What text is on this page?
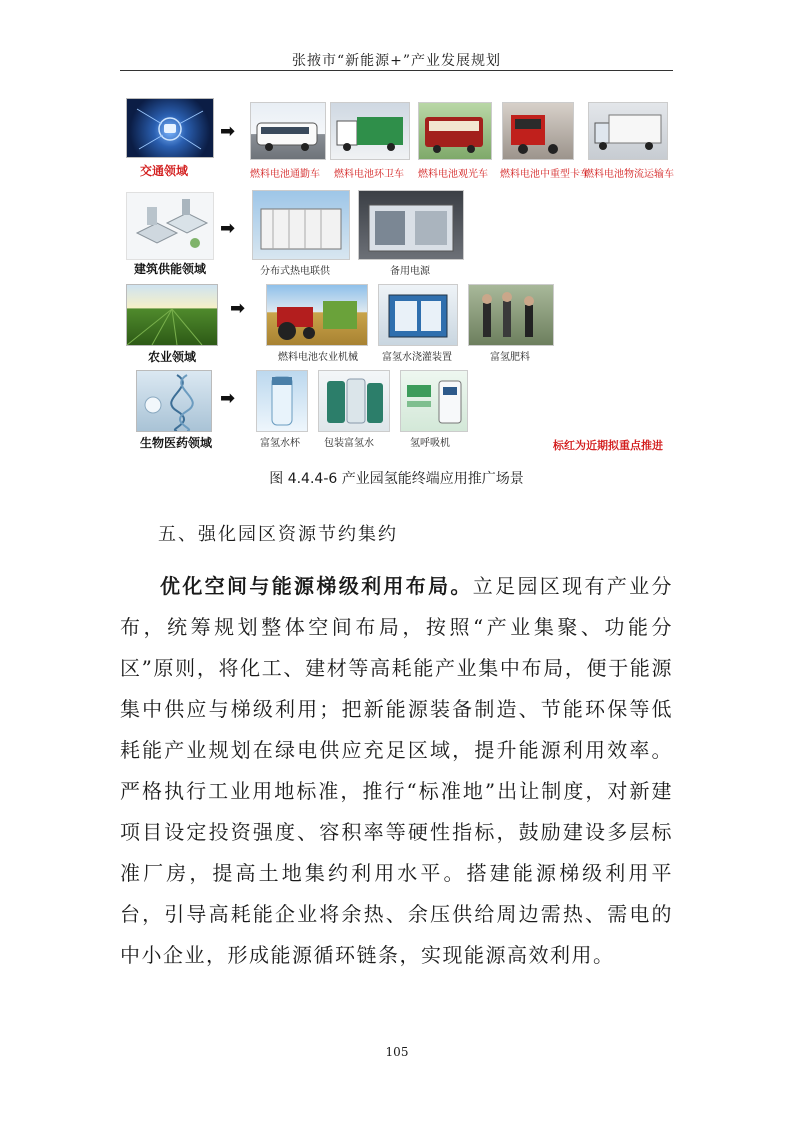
张掖市“新能源+”产业发展规划
交通领域
➡
燃料电池通勤车 燃料电池环卫车 燃料电池观光车 燃料电池中重型卡车
燃料电池物流运输车
建筑供能领域
➡
分布式热电联供	备用电源
农业领域
➡
燃料电池农业机械 富氢水浇灌装置	富氢肥料
生物医药领域
➡
富氢水杯 包装富氢水	氢呼吸机	标红为近期拟重点推进
图 4.4.4-6 产业园氢能终端应用推广场景
五、强化园区资源节约集约
优化空间与能源梯级利用布局。立足园区现有产业分布，统筹规划整体空间布局，按照“产业集聚、功能分区”原则，将化工、建材等高耗能产业集中布局，便于能源集中供应与梯级利用；把新能源装备制造、节能环保等低耗能产业规划在绿电供应充足区域，提升能源利用效率。严格执行工业用地标准，推行“标准地”出让制度，对新建项目设定投资强度、容积率等硬性指标，鼓励建设多层标准厂房，提高土地集约利用水平。搭建能源梯级利用平台，引导高耗能企业将余热、余压供给周边需热、需电的中小企业，形成能源循环链条，实现能源高效利用。
105
